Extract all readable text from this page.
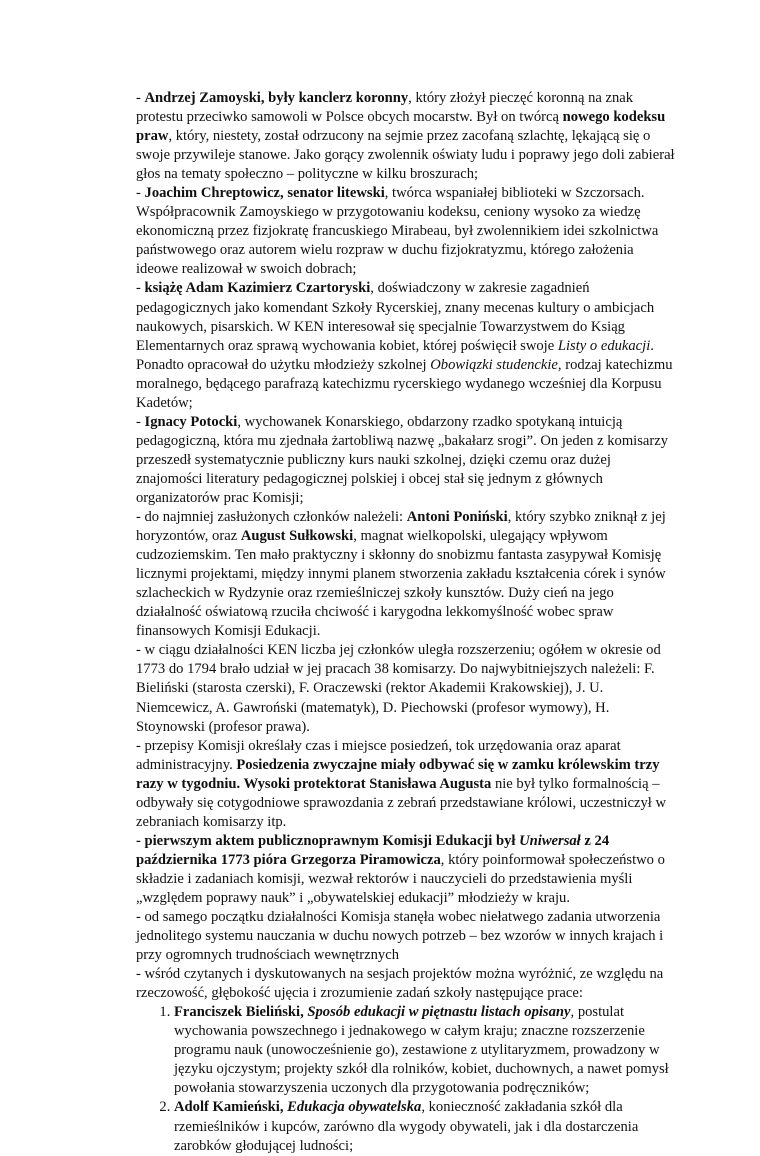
- Andrzej Zamoyski, były kanclerz koronny, który złożył pieczęć koronną na znak protestu przeciwko samowoli w Polsce obcych mocarstw. Był on twórcą nowego kodeksu praw, który, niestety, został odrzucony na sejmie przez zacofaną szlachtę, lękającą się o swoje przywileje stanowe. Jako gorący zwolennik oświaty ludu i poprawy jego doli zabierał głos na tematy społeczno – polityczne w kilku broszurach;

- Joachim Chreptowicz, senator litewski, twórca wspaniałej biblioteki w Szczorsach. Współpracownik Zamoyskiego w przygotowaniu kodeksu, ceniony wysoko za wiedzę ekonomiczną przez fizjokratę francuskiego Mirabeau, był zwolennikiem idei szkolnictwa państwowego oraz autorem wielu rozpraw w duchu fizjokratyzmu, którego założenia ideowe realizował w swoich dobrach;

- książę Adam Kazimierz Czartoryski, doświadczony w zakresie zagadnień pedagogicznych jako komendant Szkoły Rycerskiej, znany mecenas kultury o ambicjach naukowych, pisarskich. W KEN interesował się specjalnie Towarzystwem do Ksiąg Elementarnych oraz sprawą wychowania kobiet, której poświęcił swoje Listy o edukacji. Ponadto opracował do użytku młodzieży szkolnej Obowiązki studenckie, rodzaj katechizmu moralnego, będącego parafrazą katechizmu rycerskiego wydanego wcześniej dla Korpusu Kadetów;

- Ignacy Potocki, wychowanek Konarskiego, obdarzony rzadko spotykaną intuicją pedagogiczną, która mu zjednała żartobliwą nazwę „bakałarz srogi”. On jeden z komisarzy przeszedł systematycznie publiczny kurs nauki szkolnej, dzięki czemu oraz dużej znajomości literatury pedagogicznej polskiej i obcej stał się jednym z głównych organizatorów prac Komisji;

- do najmniej zasłużonych członków należeli: Antoni Poniński, który szybko zniknął z jej horyzontów, oraz August Sułkowski, magnat wielkopolski, ulegający wpływom cudzoziemskim. Ten mało praktyczny i skłonny do snobizmu fantasta zasypywał Komisję licznymi projektami, między innymi planem stworzenia zakładu kształcenia córek i synów szlacheckich w Rydzynie oraz rzemieślniczej szkoły kunsztów. Duży cień na jego działalność oświatową rzuciła chciwość i karygodna lekkomyślność wobec spraw finansowych Komisji Edukacji.

- w ciągu działalności KEN liczba jej członków uległa rozszerzeniu; ogółem w okresie od 1773 do 1794 brało udział w jej pracach 38 komisarzy. Do najwybitniejszych należeli: F. Bieliński (starosta czerski), F. Oraczewski (rektor Akademii Krakowskiej), J. U. Niemcewicz, A. Gawroński (matematyk), D. Piechowski (profesor wymowy), H. Stoynowski (profesor prawa).

- przepisy Komisji określały czas i miejsce posiedzeń, tok urzędowania oraz aparat administracyjny. Posiedzenia zwyczajne miały odbywać się w zamku królewskim trzy razy w tygodniu. Wysoki protektorat Stanisława Augusta nie był tylko formalnością – odbywały się cotygodniowe sprawozdania z zebrań przedstawiane królowi, uczestniczył w zebraniach komisarzy itp.

- pierwszym aktem publicznoprawnym Komisji Edukacji był Uniwersał z 24 października 1773 pióra Grzegorza Piramowicza, który poinformował społeczeństwo o składzie i zadaniach komisji, wezwał rektorów i nauczycieli do przedstawienia myśli „względem poprawy nauk” i „obywatelskiej edukacji” młodzieży w kraju.

- od samego początku działalności Komisja stanęła wobec niełatwego zadania utworzenia jednolitego systemu nauczania w duchu nowych potrzeb – bez wzorów w innych krajach i przy ogromnych trudnościach wewnętrznych

- wśród czytanych i dyskutowanych na sesjach projektów można wyróżnić, ze względu na rzeczowość, głębokość ujęcia i zrozumienie zadań szkoły następujące prace:

1. Franciszek Bieliński, Sposób edukacji w piętnastu listach opisany, postulat wychowania powszechnego i jednakowego w całym kraju; znaczne rozszerzenie programu nauk (unowocześnienie go), zestawione z utylitaryzmem, prowadzony w języku ojczystym; projekty szkół dla rolników, kobiet, duchownych, a nawet pomysł powołania stowarzyszenia uczonych dla przygotowania podręczników;
2. Adolf Kamieński, Edukacja obywatelska, konieczność zakładania szkół dla rzemieślników i kupców, zarówno dla wygody obywateli, jak i dla dostarczenia zarobków głodującej ludności;
